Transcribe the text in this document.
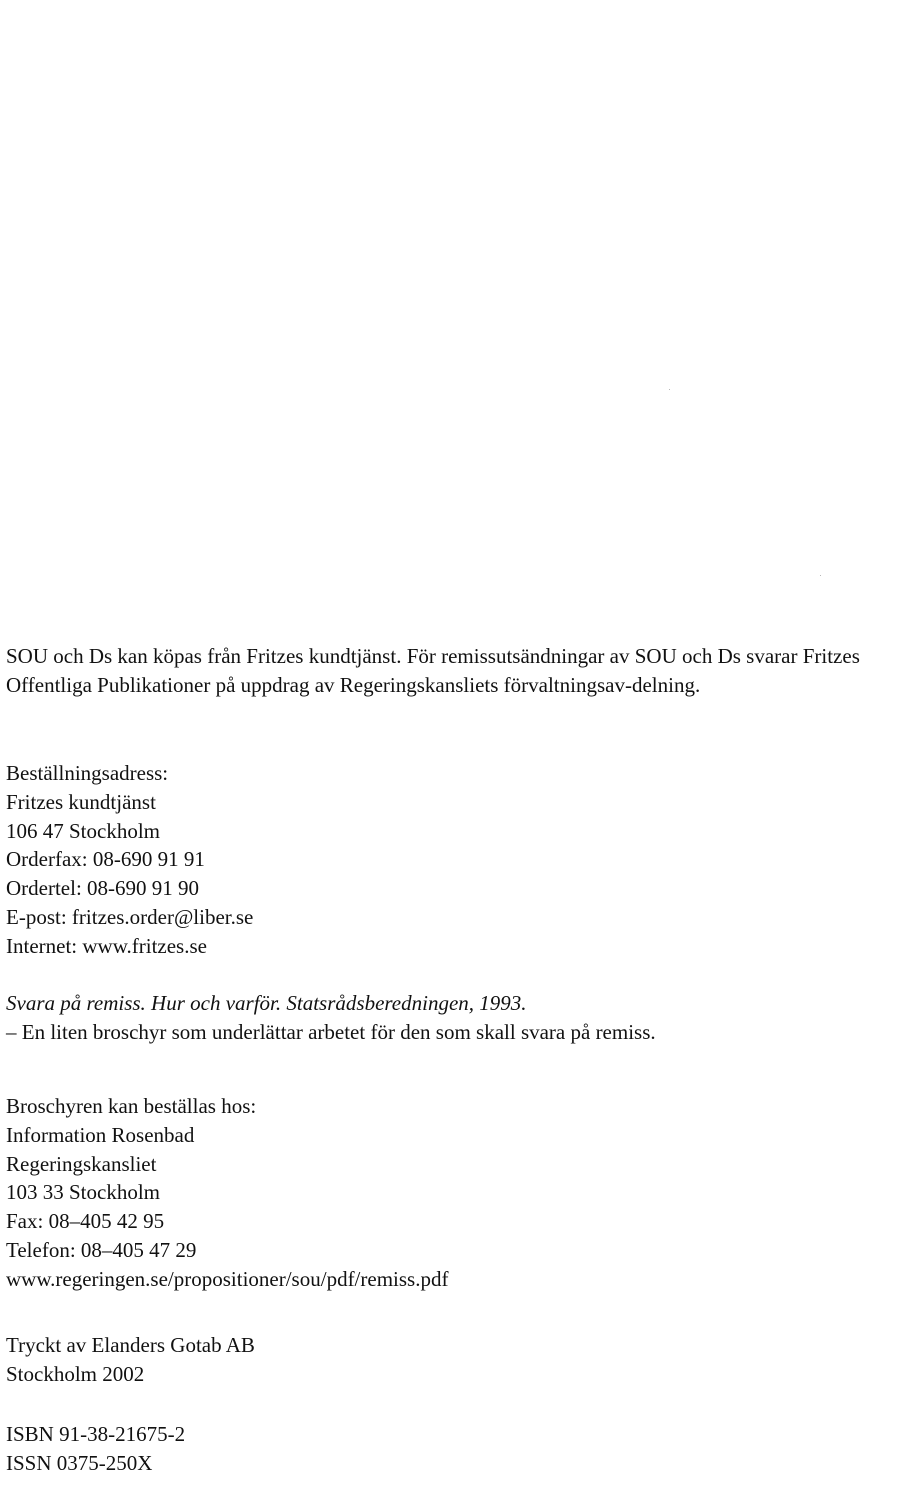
SOU och Ds kan köpas från Fritzes kundtjänst. För remissutsändningar av SOU och Ds svarar Fritzes Offentliga Publikationer på uppdrag av Regeringskansliets förvaltningsav-delning.
Beställningsadress:
Fritzes kundtjänst
106 47 Stockholm
Orderfax: 08-690 91 91
Ordertel: 08-690 91 90
E-post: fritzes.order@liber.se
Internet: www.fritzes.se
Svara på remiss. Hur och varför. Statsrådsberedningen, 1993.
– En liten broschyr som underlättar arbetet för den som skall svara på remiss.
Broschyren kan beställas hos:
Information Rosenbad
Regeringskansliet
103 33 Stockholm
Fax: 08–405 42 95
Telefon: 08–405 47 29
www.regeringen.se/propositioner/sou/pdf/remiss.pdf
Tryckt av Elanders Gotab AB
Stockholm 2002
ISBN 91-38-21675-2
ISSN 0375-250X
